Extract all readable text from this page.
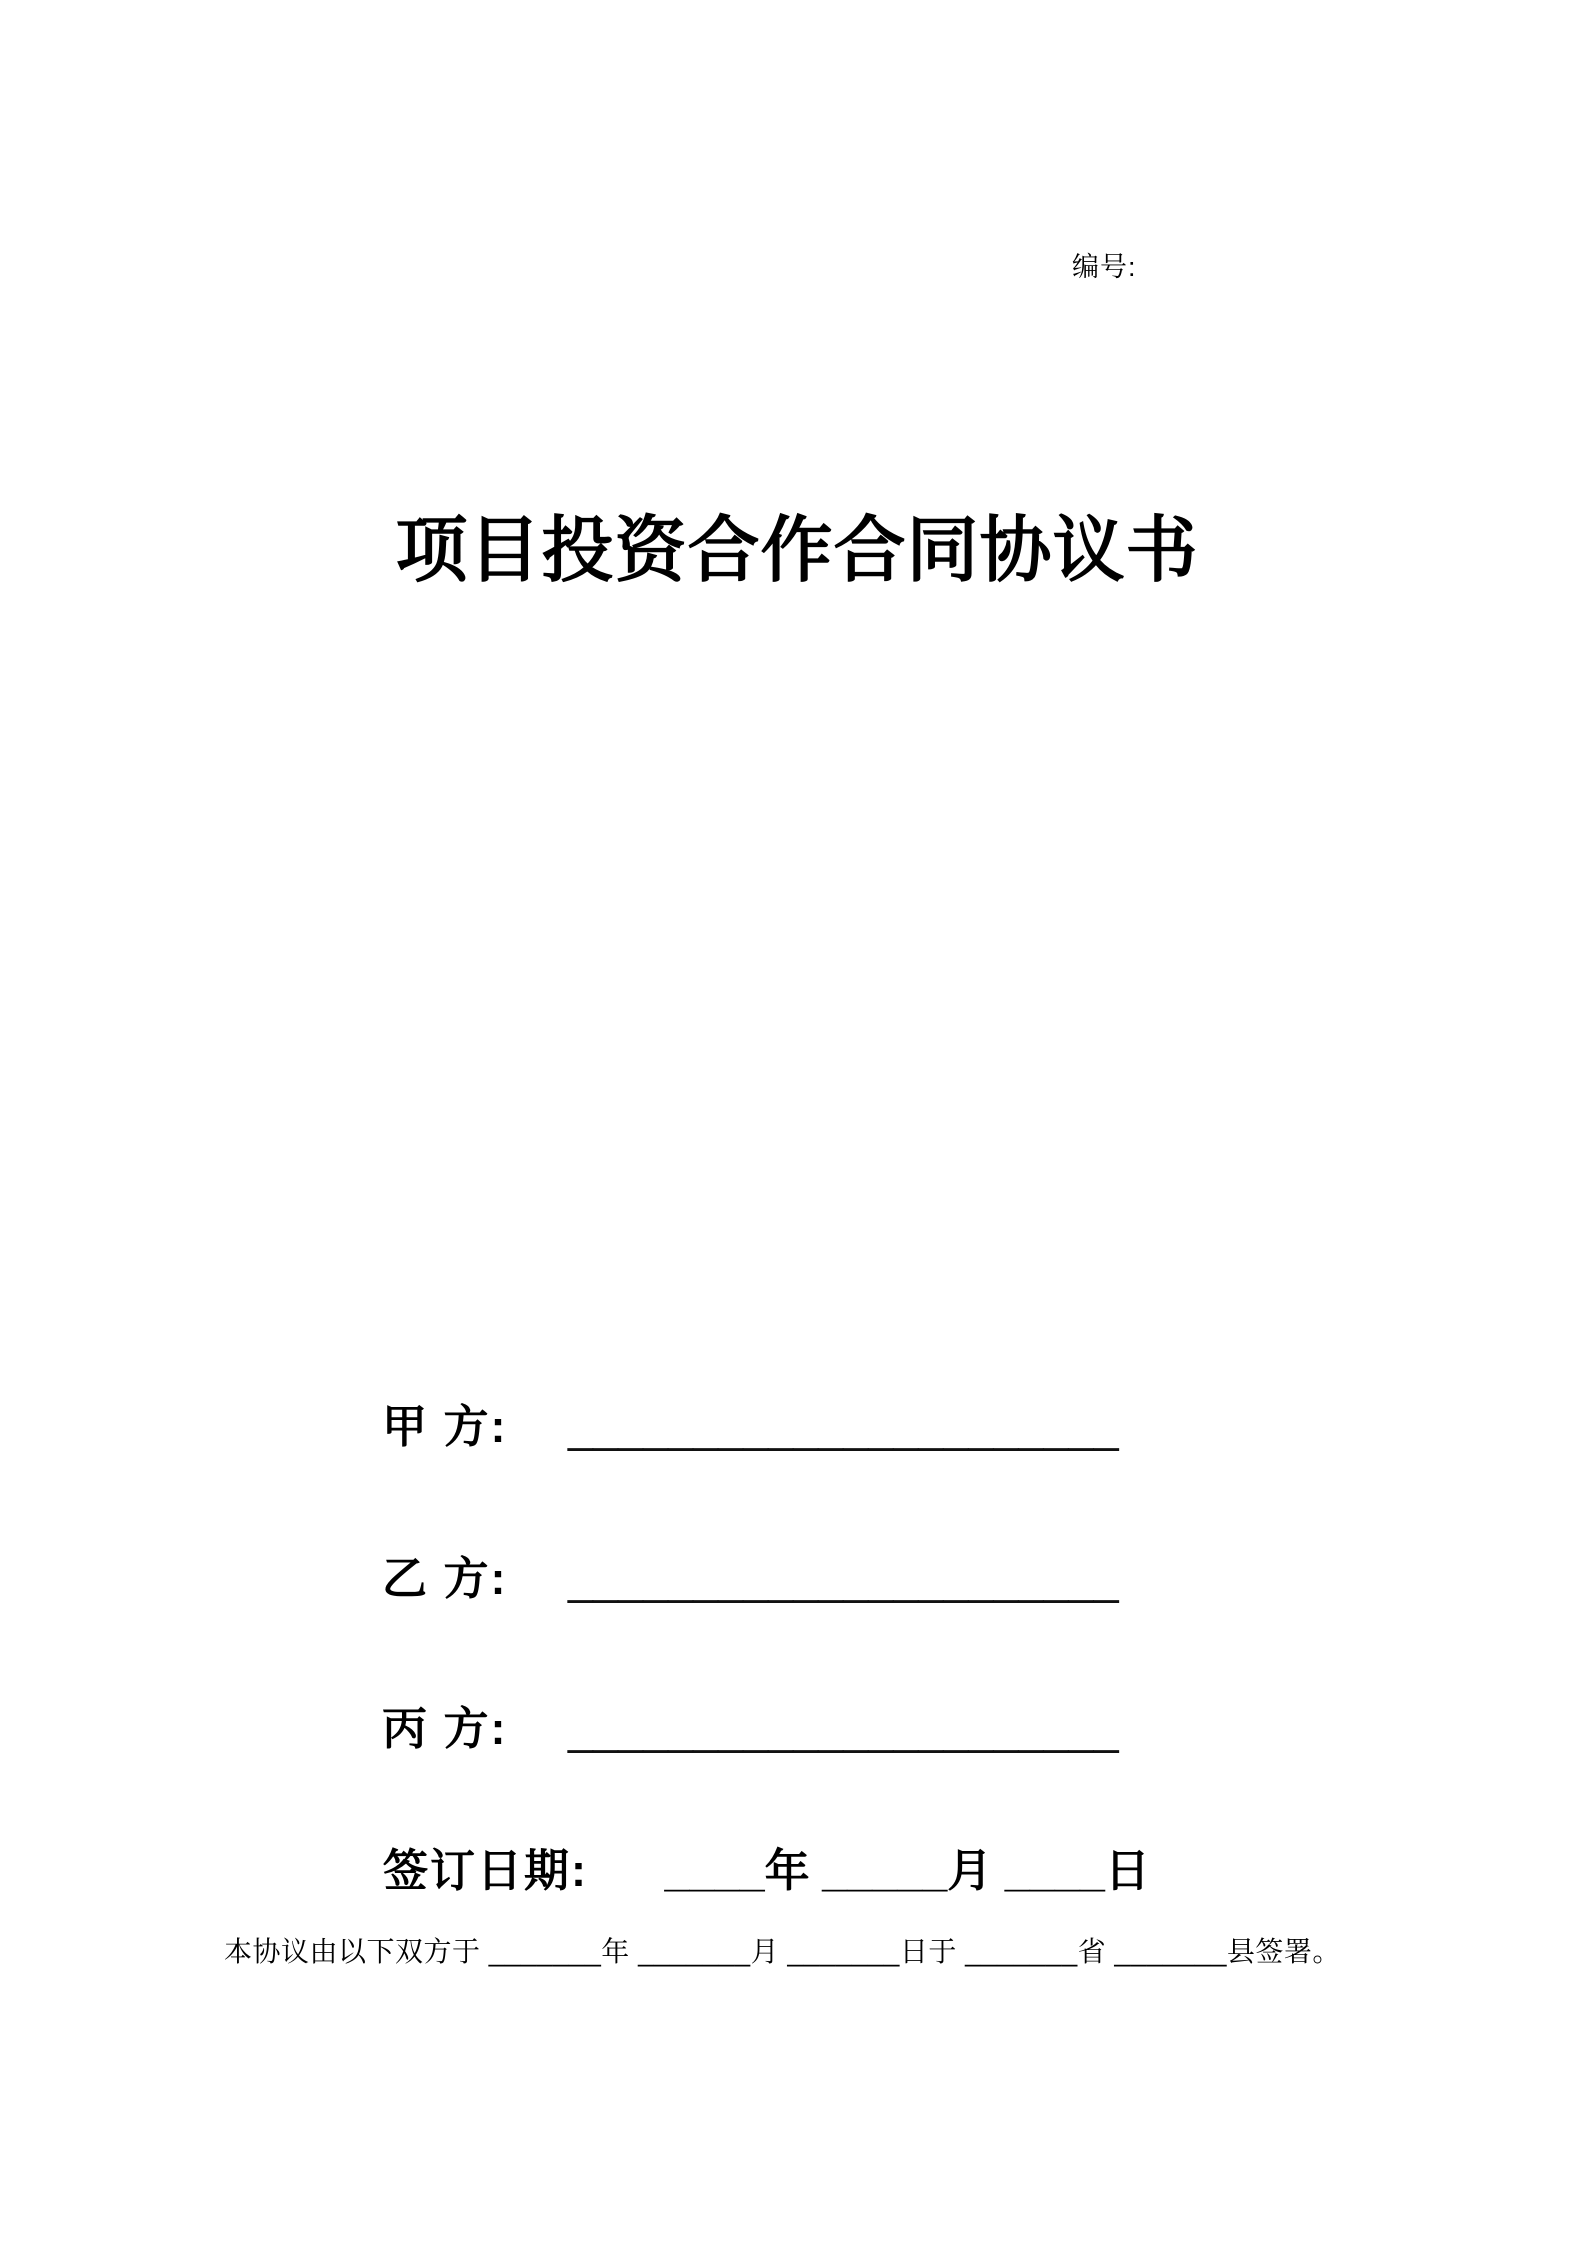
编号:
项目投资合作合同协议书
甲 方: ______________________
乙 方: ______________________
丙 方: ______________________
签订日期: ____年 _____月 ____日
本协议由以下双方于 _______年 _______月 _______日于 _______省 _______县签署。
